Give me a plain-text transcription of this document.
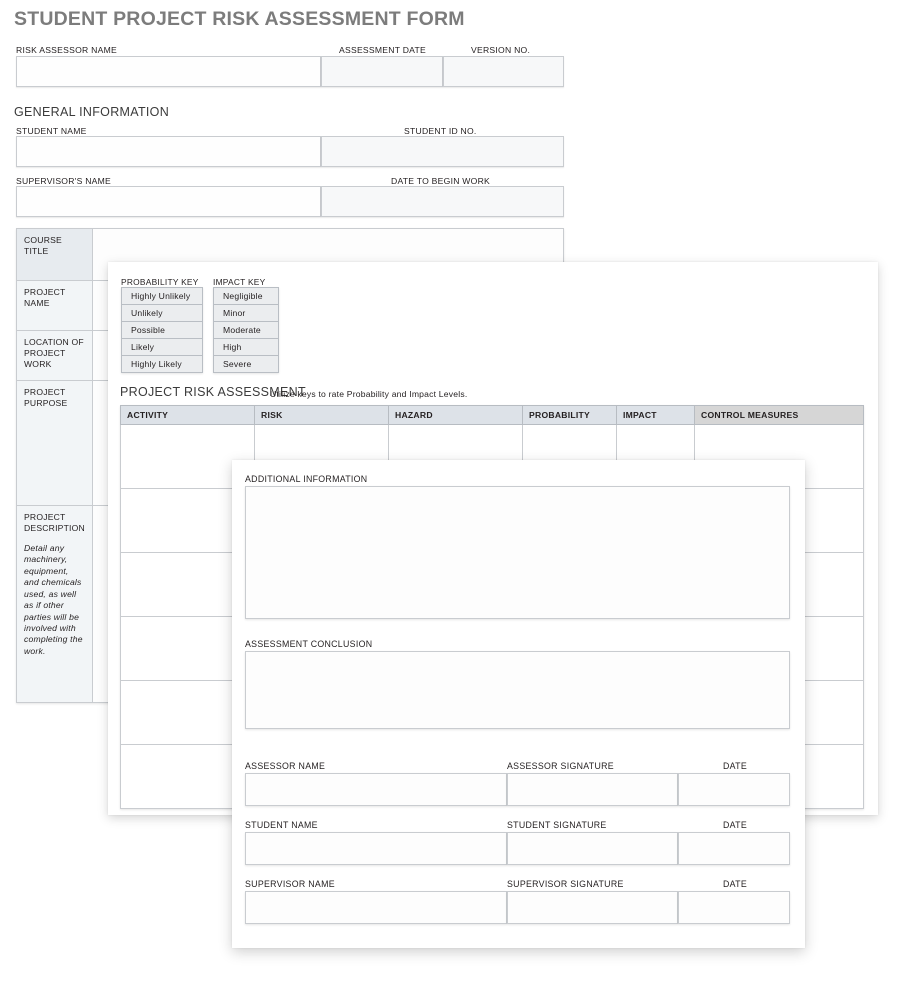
STUDENT PROJECT RISK ASSESSMENT FORM
RISK ASSESSOR NAME	ASSESSMENT DATE	VERSION NO.
GENERAL INFORMATION
STUDENT NAME	STUDENT ID NO.
SUPERVISOR'S NAME	DATE TO BEGIN WORK
COURSE TITLE	
PROJECT NAME	
LOCATION OF PROJECT WORK	
PROJECT PURPOSE	
PROJECT DESCRIPTION
Detail any machinery, equipment, and chemicals used, as well as if other parties will be involved with completing the work.	

PROBABILITY KEY
Highly Unlikely
Unlikely
Possible
Likely
Highly Likely
IMPACT KEY
Negligible
Minor
Moderate
High
Severe
PROJECT RISK ASSESSMENT
Utilize keys to rate Probability and Impact Levels.
ACTIVITY	RISK	HAZARD	PROBABILITY	IMPACT	CONTROL MEASURES

ADDITIONAL INFORMATION
ASSESSMENT CONCLUSION
ASSESSOR NAME	ASSESSOR SIGNATURE	DATE
STUDENT NAME	STUDENT SIGNATURE	DATE
SUPERVISOR NAME	SUPERVISOR SIGNATURE	DATE
